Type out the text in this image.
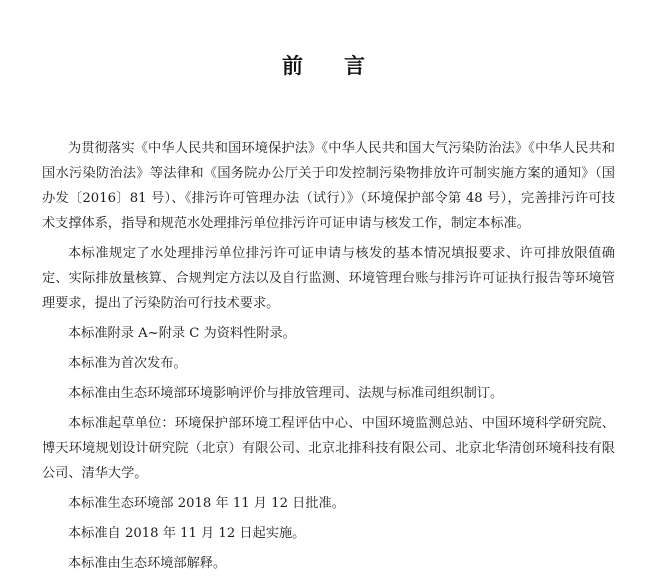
前　言

为贯彻落实《中华人民共和国环境保护法》《中华人民共和国大气污染防治法》《中华人民共和国水污染防治法》等法律和《国务院办公厅关于印发控制污染物排放许可制实施方案的通知》（国办发〔2016〕81 号）、《排污许可管理办法（试行）》（环境保护部令第 48 号），完善排污许可技术支撑体系，指导和规范水处理排污单位排污许可证申请与核发工作，制定本标准。

本标准规定了水处理排污单位排污许可证申请与核发的基本情况填报要求、许可排放限值确定、实际排放量核算、合规判定方法以及自行监测、环境管理台账与排污许可证执行报告等环境管理要求，提出了污染防治可行技术要求。

本标准附录 A~附录 C 为资料性附录。

本标准为首次发布。

本标准由生态环境部环境影响评价与排放管理司、法规与标准司组织制订。

本标准起草单位：环境保护部环境工程评估中心、中国环境监测总站、中国环境科学研究院、博天环境规划设计研究院（北京）有限公司、北京北排科技有限公司、北京北华清创环境科技有限公司、清华大学。

本标准生态环境部 2018 年 11 月 12 日批准。

本标准自 2018 年 11 月 12 日起实施。

本标准由生态环境部解释。
